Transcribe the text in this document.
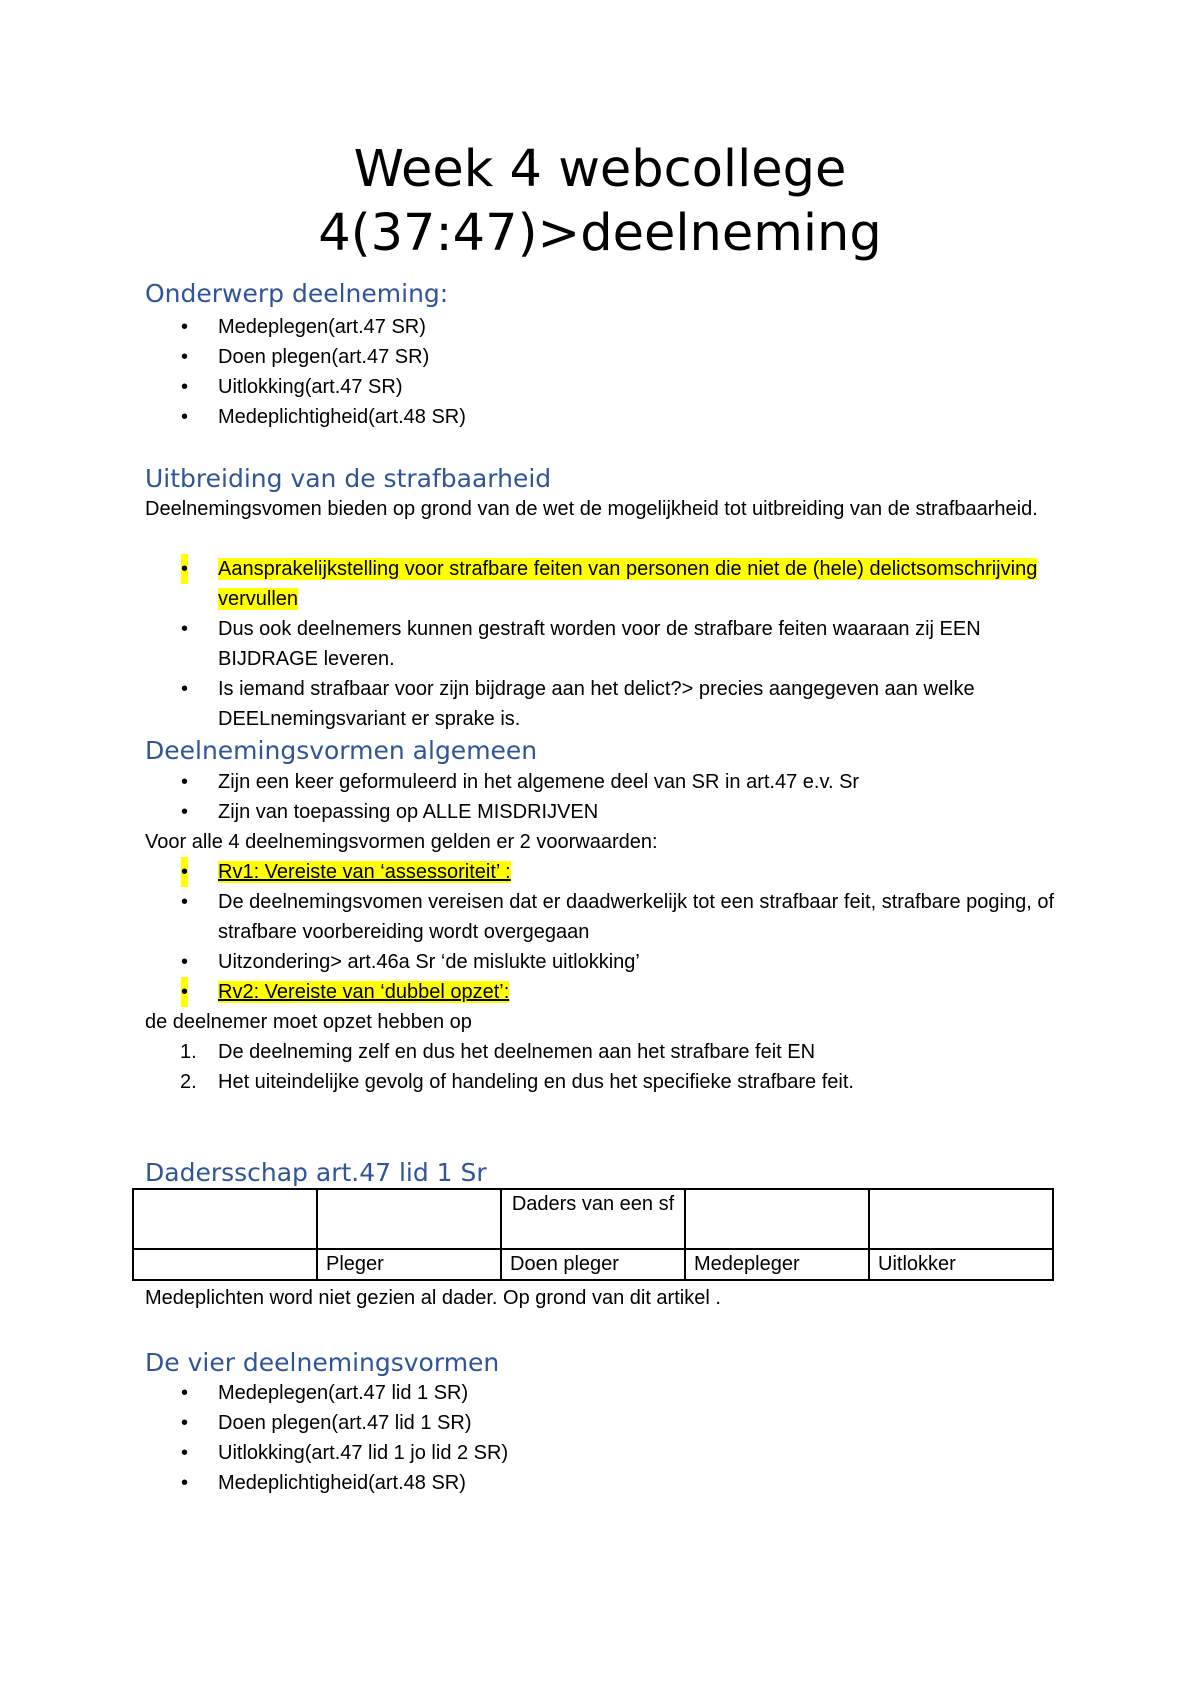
Week 4 webcollege
4(37:47)>deelneming
Onderwerp deelneming:
• Medeplegen(art.47 SR)
• Doen plegen(art.47 SR)
• Uitlokking(art.47 SR)
• Medeplichtigheid(art.48 SR)
Uitbreiding van de strafbaarheid

Deelnemingsvomen bieden op grond van de wet de mogelijkheid tot uitbreiding van de strafbaarheid.

• Aansprakelijkstelling voor strafbare feiten van personen die niet de (hele) delictsomschrijving vervullen
• Dus ook deelnemers kunnen gestraft worden voor de strafbare feiten waaraan zij EEN BIJDRAGE leveren.
• Is iemand strafbaar voor zijn bijdrage aan het delict?> precies aangegeven aan welke DEELnemingsvariant er sprake is.
Deelnemingsvormen algemeen
• Zijn een keer geformuleerd in het algemene deel van SR in art.47 e.v. Sr
• Zijn van toepassing op ALLE MISDRIJVEN

Voor alle 4 deelnemingsvormen gelden er 2 voorwaarden:

• Rv1: Vereiste van ‘assessoriteit’ :
• De deelnemingsvomen vereisen dat er daadwerkelijk tot een strafbaar feit, strafbare poging, of strafbare voorbereiding wordt overgegaan
• Uitzondering> art.46a Sr ‘de mislukte uitlokking’
• Rv2: Vereiste van ‘dubbel opzet’:

de deelnemer moet opzet hebben op

1. De deelneming zelf en dus het deelnemen aan het strafbare feit EN
2. Het uiteindelijke gevolg of handeling en dus het specifieke strafbare feit.
Dadersschap art.47 lid 1 Sr
		Daders van een sf		
	Pleger	Doen pleger	Medepleger	Uitlokker

Medeplichten word niet gezien al dader. Op grond van dit artikel .

De vier deelnemingsvormen
• Medeplegen(art.47 lid 1 SR)
• Doen plegen(art.47 lid 1 SR)
• Uitlokking(art.47 lid 1 jo lid 2 SR)
• Medeplichtigheid(art.48 SR)
